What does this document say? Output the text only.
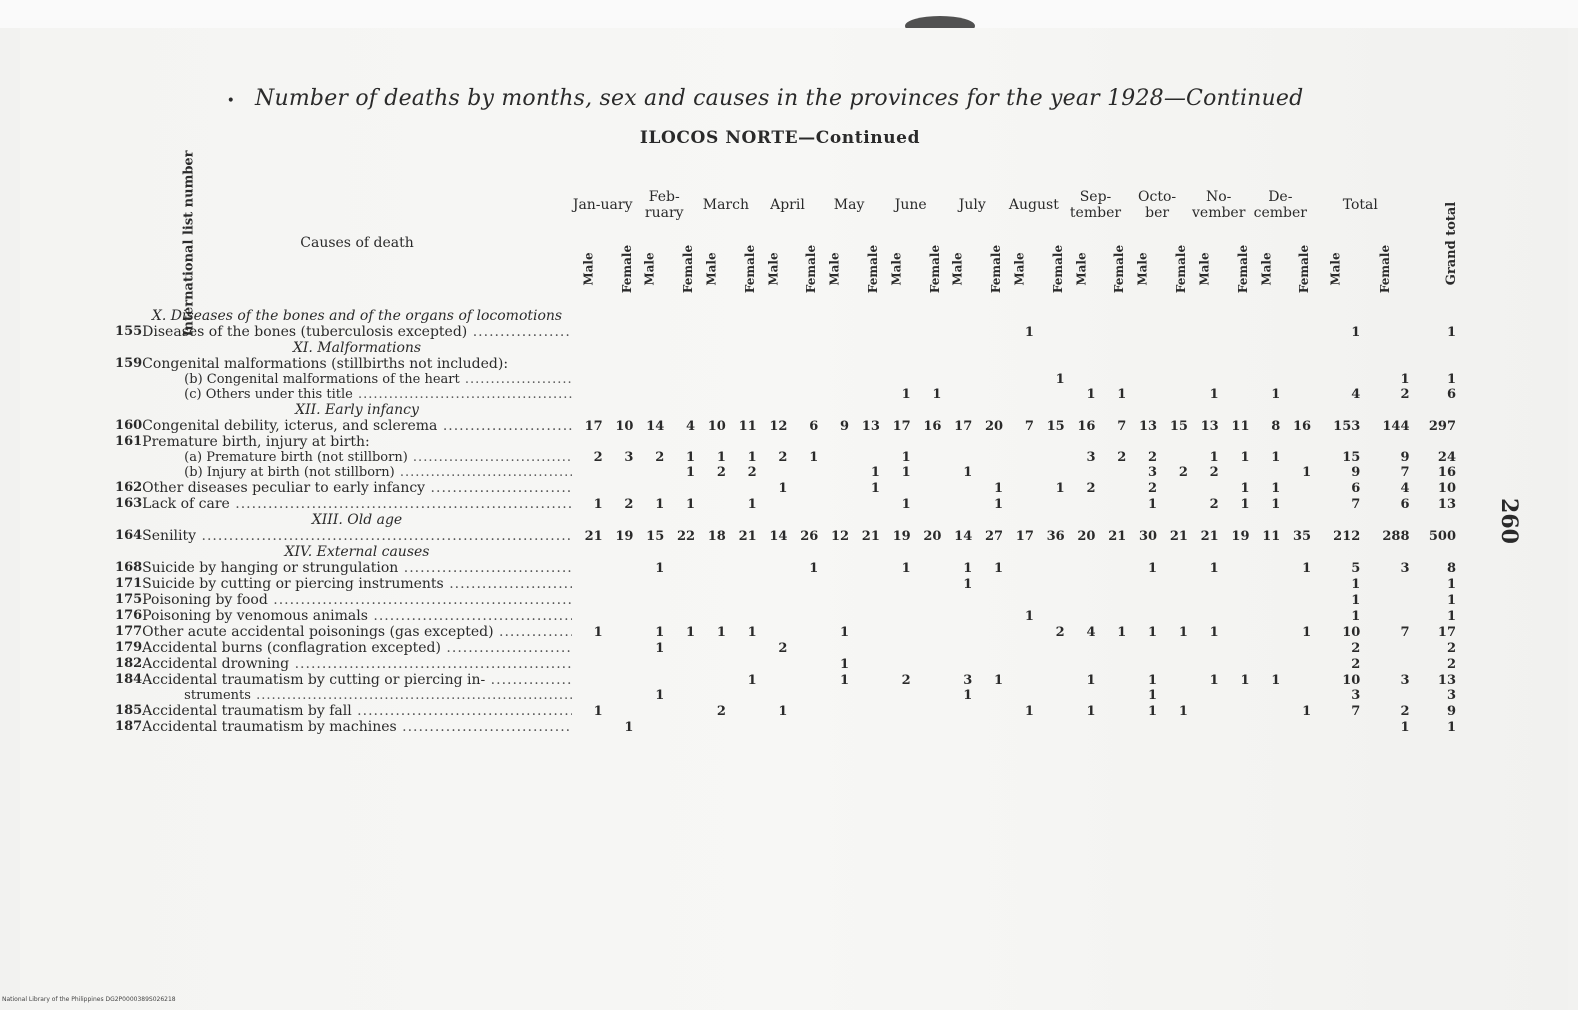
• Number of deaths by months, sex and causes in the provinces for the year 1928—Continued
ILOCOS NORTE—Continued
International list number	Causes of death	Jan-uary		Feb-ruary		March		April		May		June		July		August		Sep-tember		Octo-ber		No-vember		De-cember		Total		Grand total
		Male	Female	Male	Female	Male	Female	Male	Female	Male	Female	Male	Female	Male	Female	Male	Female	Male	Female	Male	Female	Male	Female	Male	Female	Male	Female	
	X. Diseases of the bones and of the organs of locomotions																											
155	Diseases of the bones (tuberculosis excepted) .....															1										1		1
	XI. Malformations																											
159	Congenital malformations (stillbirths not included):																											
	(b) Congenital malformations of the heart .....																1										1	1
	(c) Others under this title .....											1	1					1	1			1		1		4	2	6
	XII. Early infancy																											
160	Congenital debility, icterus, and sclerema .....	17	10	14	4	10	11	12	6	9	13	17	16	17	20	7	15	16	7	13	15	13	11	8	16	153	144	297
161	Premature birth, injury at birth:																											
	(a) Premature birth (not stillborn) .....	2	3	2	1	1	1	2	1			1						3	2	2		1	1	1		15	9	24
	(b) Injury at birth (not stillborn) .....				1	2	2				1	1		1						3	2	2			1	9	7	16
162	Other diseases peculiar to early infancy .....							1			1				1		1	2		2			1	1		6	4	10
163	Lack of care .....	1	2	1	1		1					1			1					1		2	1	1		7	6	13
	XIII. Old age																											
164	Senility .....	21	19	15	22	18	21	14	26	12	21	19	20	14	27	17	36	20	21	30	21	21	19	11	35	212	288	500
	XIV. External causes																											
168	Suicide by hanging or strungulation .....			1					1			1		1	1					1		1			1	5	3	8
171	Suicide by cutting or piercing instruments .....													1												1		1
175	Poisoning by food .....																									1		1
176	Poisoning by venomous animals .....															1										1		1
177	Other acute accidental poisonings (gas excepted) .....	1		1	1	1	1			1							2	4	1	1	1	1			1	10	7	17
179	Accidental burns (conflagration excepted) .....			1				2																		2		2
182	Accidental drowning .....									1																2		2
184	Accidental traumatism by cutting or piercing in- .....						1			1		2		3	1			1		1		1	1	1		10	3	13
	struments .....			1										1						1						3		3
185	Accidental traumatism by fall .....	1				2		1								1		1		1	1				1	7	2	9
187	Accidental traumatism by machines .....		1																								1	1
260
National Library of the Philippines DG2P0000389S026218
